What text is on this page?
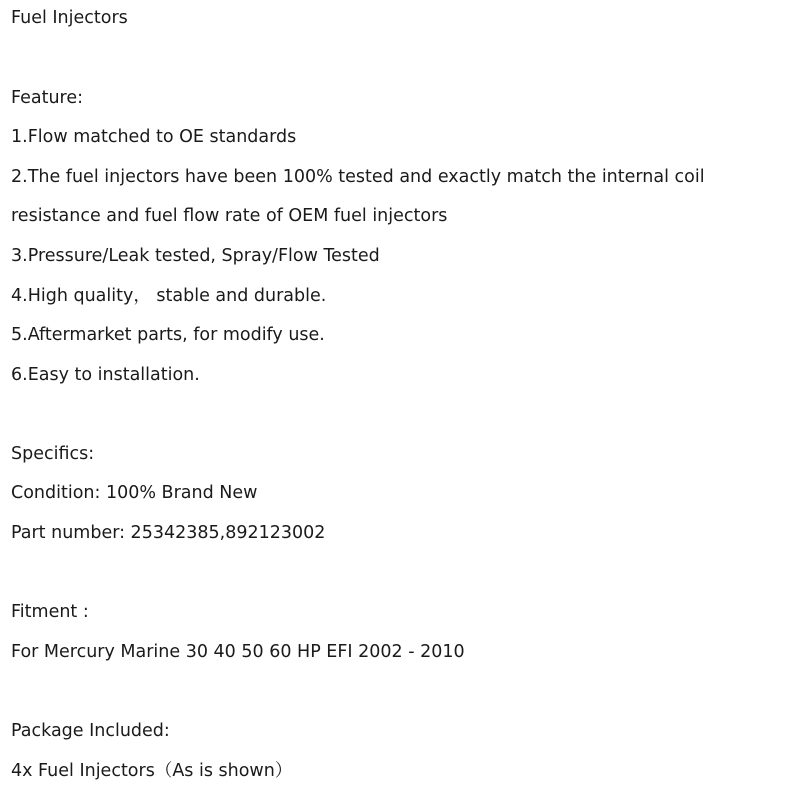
Fuel Injectors
Feature:
1.Flow matched to OE standards
2.The fuel injectors have been 100% tested and exactly match the internal coil
resistance and fuel flow rate of OEM fuel injectors
3.Pressure/Leak tested, Spray/Flow Tested
4.High quality， stable and durable.
5.Aftermarket parts, for modify use.
6.Easy to installation.
Specifics:
Condition: 100% Brand New
Part number: 25342385,892123002
Fitment :
For Mercury Marine 30 40 50 60 HP EFI 2002 - 2010
Package Included:
4x Fuel Injectors（As is shown）
